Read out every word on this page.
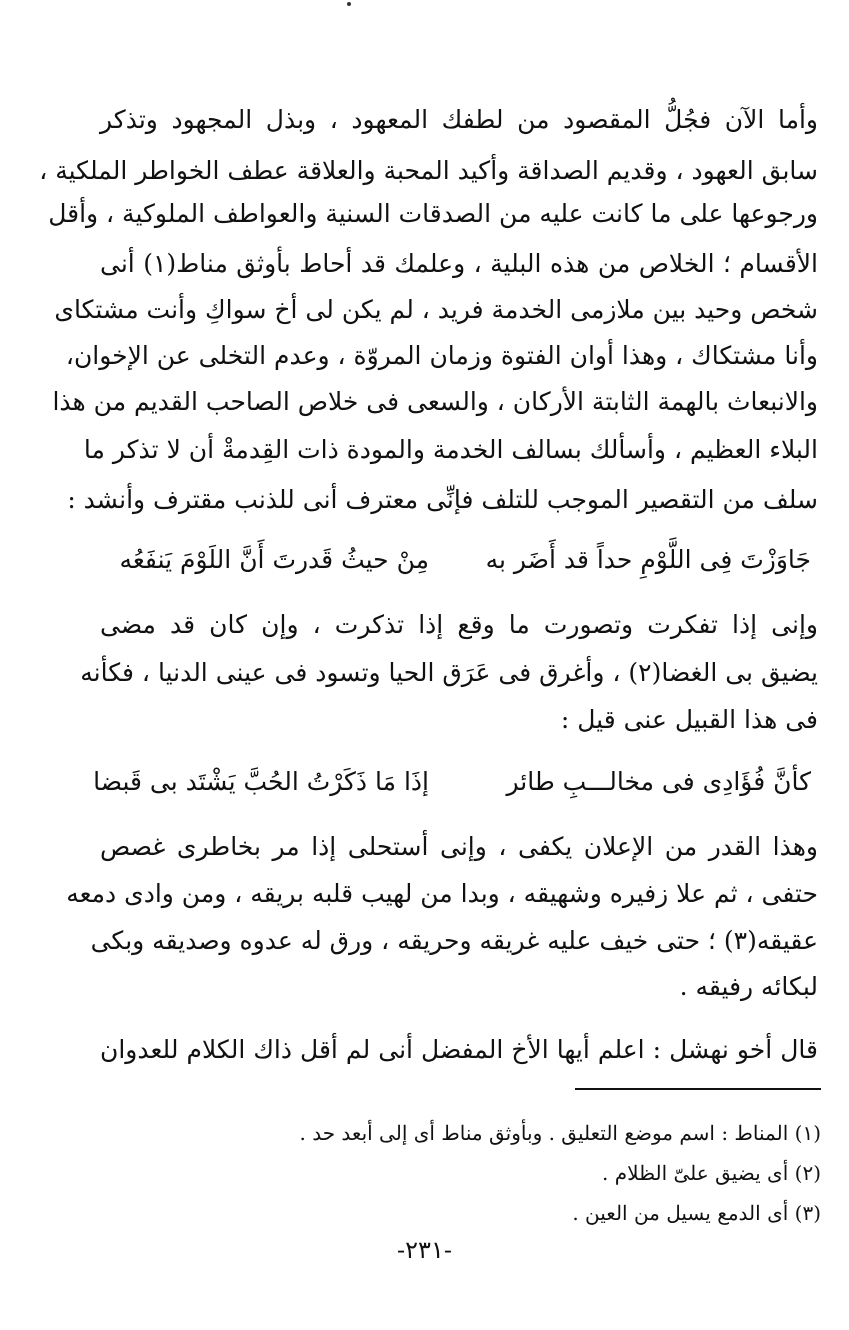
وأما الآن فجُلُّ المقصود من لطفك المعهود ، وبذل المجهود وتذكر
سابق العهود ، وقديم الصداقة وأكيد المحبة والعلاقة عطف الخواطر الملكية ،
ورجوعها على ما كانت عليه من الصدقات السنية والعواطف الملوكية ، وأقل
الأقسام ؛ الخلاص من هذه البلية ، وعلمك قد أحاط بأوثق مناط(١) أنى
شخص وحيد بين ملازمى الخدمة فريد ، لم يكن لى أخ سواكِ وأنت مشتكاى
وأنا مشتكاك ، وهذا أوان الفتوة وزمان المروّة ، وعدم التخلى عن الإخوان،
والانبعاث بالهمة الثابتة الأركان ، والسعى فى خلاص الصاحب القديم من هذا
البلاء العظيم ، وأسألك بسالف الخدمة والمودة ذات القِدمةْ أن لا تذكر ما
سلف من التقصير الموجب للتلف فإنِّى معترف أنى للذنب مقترف وأنشد :
جَاوَزْتَ فِى اللَّوْمِ حداً قد أَضَر به
مِنْ حيثُ قَدرتَ أَنَّ اللَوْمَ يَنفَعُه
وإنى إذا تفكرت وتصورت ما وقع إذا تذكرت ، وإن كان قد مضى
يضيق بى الغضا(٢) ، وأغرق فى عَرَق الحيا وتسود فى عينى الدنيا ، فكأنه
فى هذا القبيل عنى قيل :
كأنَّ فُؤَادِى فى مخالـــبِ طائر
إذَا مَا ذَكَرْتُ الحُبَّ يَشْتَد بى قَبضا
وهذا القدر من الإعلان يكفى ، وإنى أستحلى إذا مر بخاطرى غصص
حتفى ، ثم علا زفيره وشهيقه ، وبدا من لهيب قلبه بريقه ، ومن وادى دمعه
عقيقه(٣) ؛ حتى خيف عليه غريقه وحريقه ، ورق له عدوه وصديقه وبكى
لبكائه رفيقه .
قال أخو نهشل : اعلم أيها الأخ المفضل أنى لم أقل ذاك الكلام للعدوان
(١) المناط : اسم موضع التعليق . وبأوثق مناط أى إلى أبعد حد .
(٢) أى يضيق علىّ الظلام .
(٣) أى الدمع يسيل من العين .
-٢٣١-
